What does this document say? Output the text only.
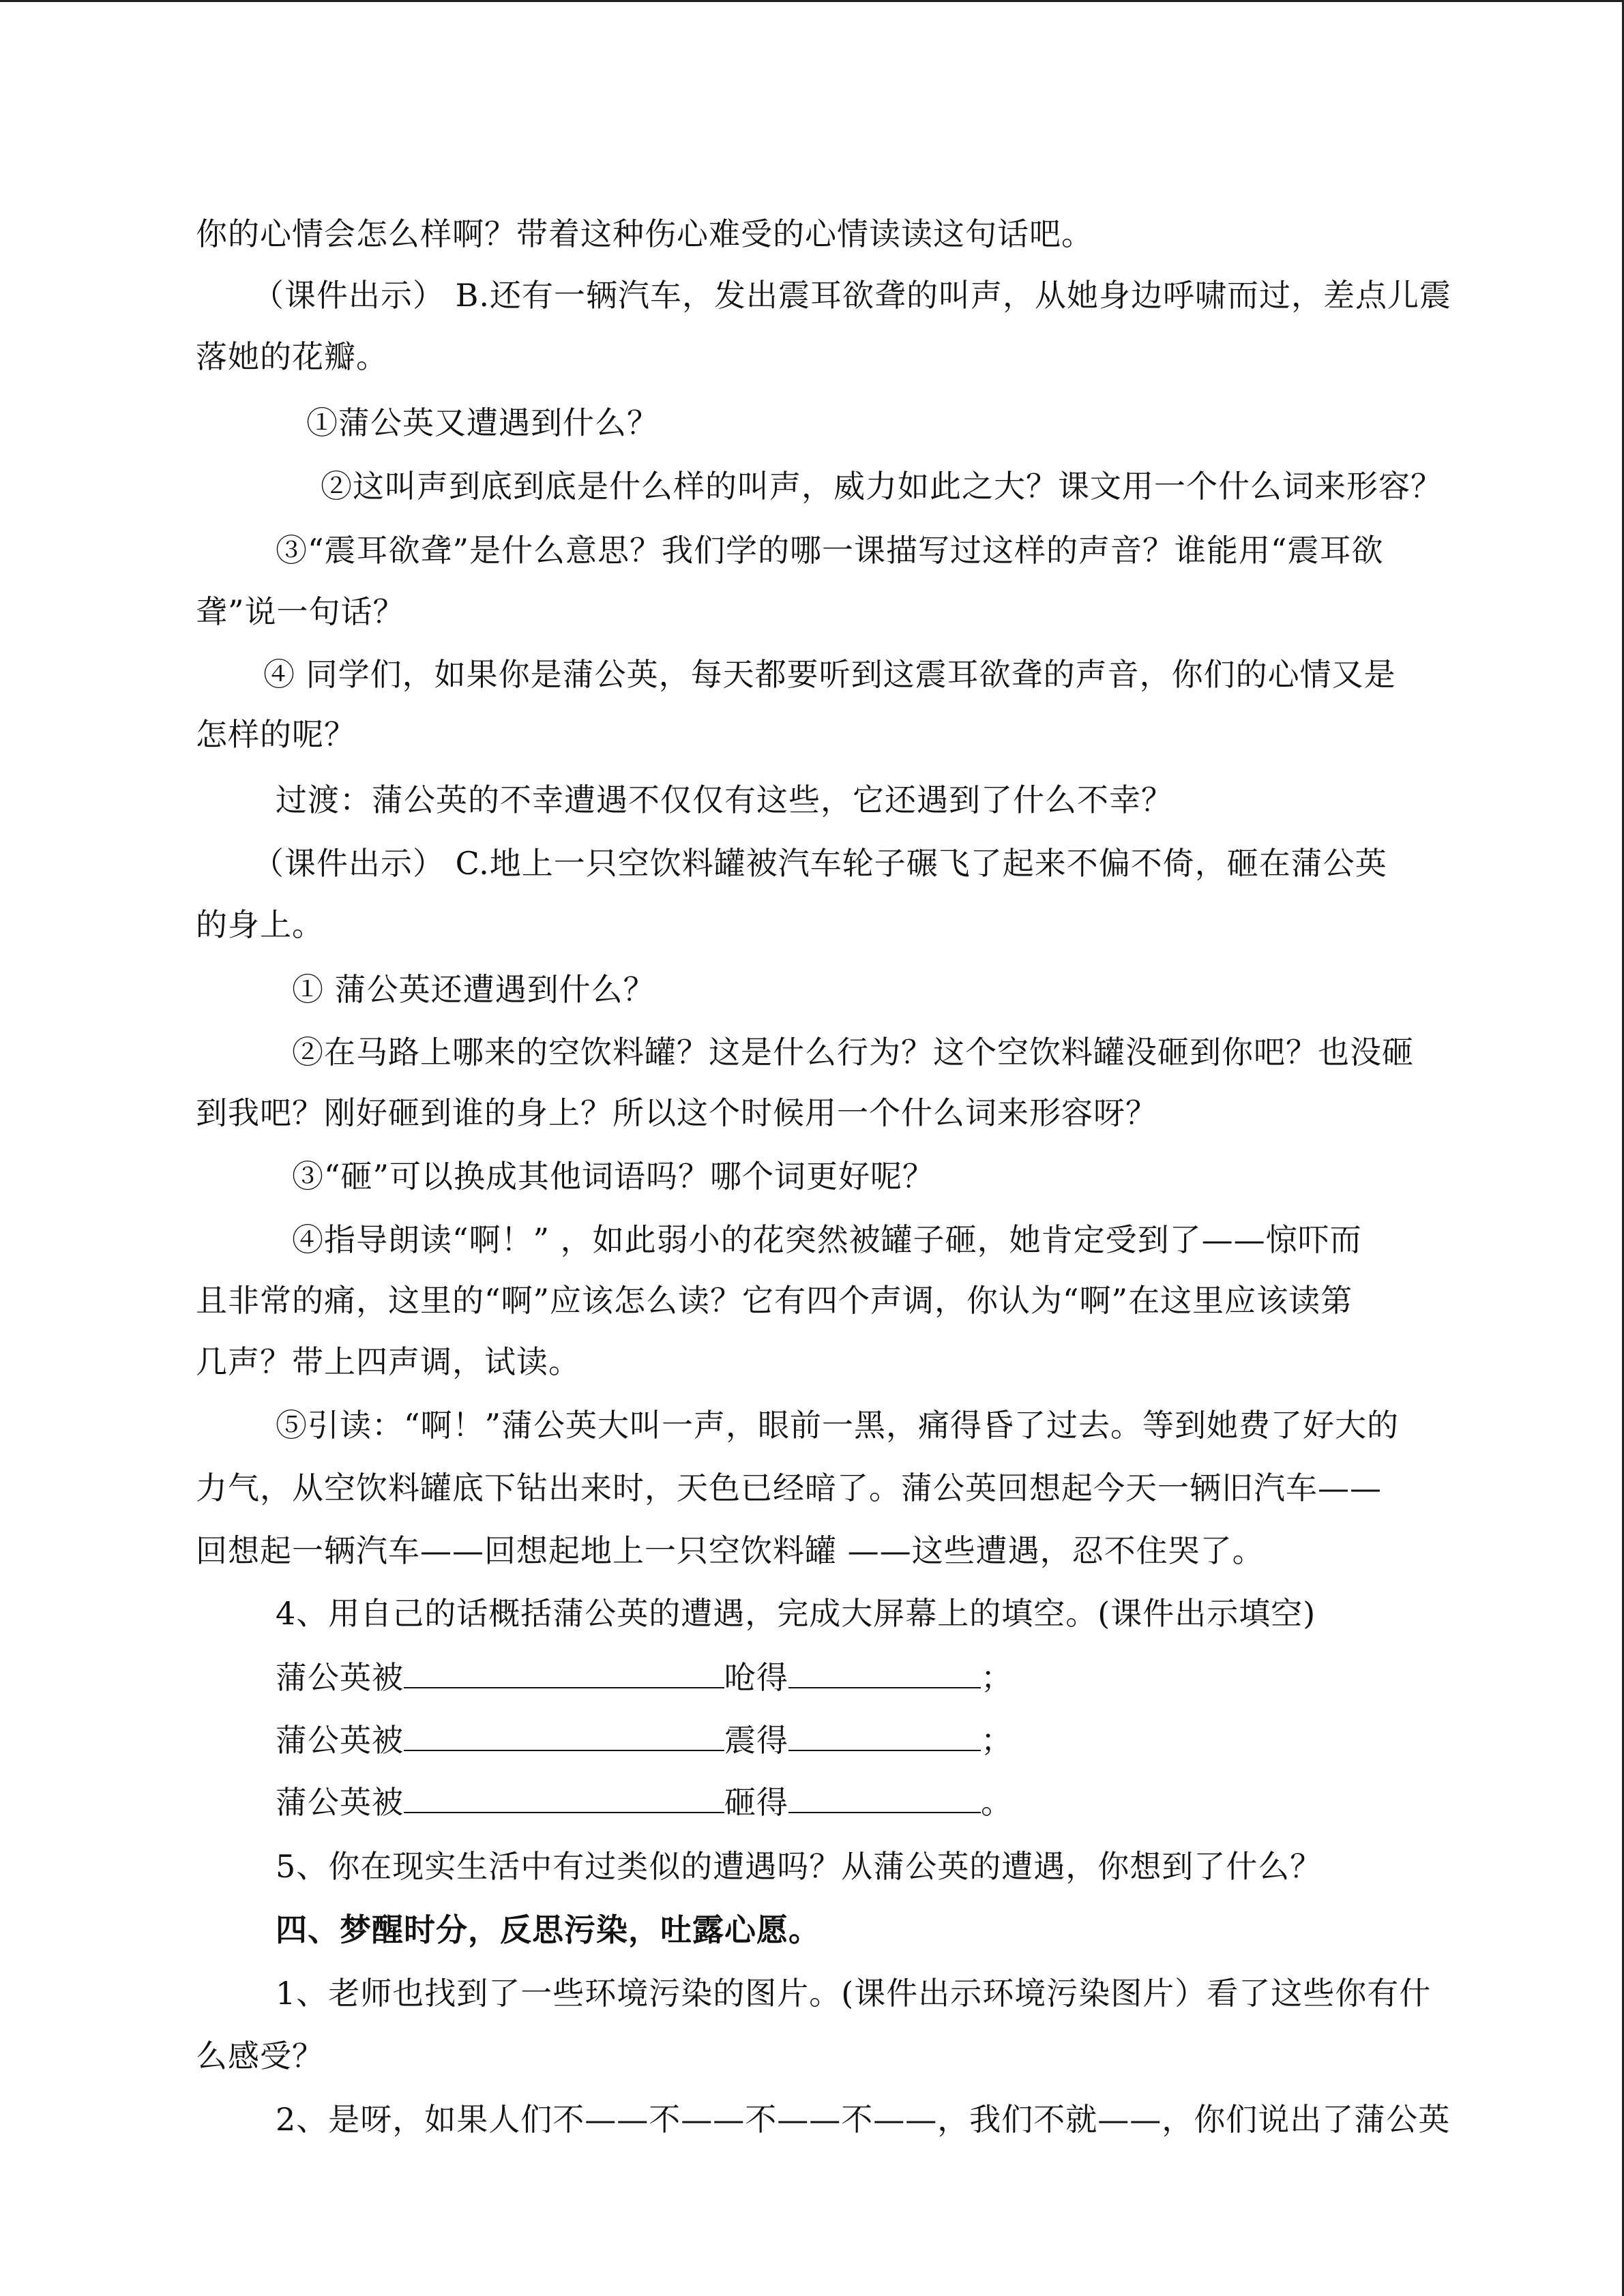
你的心情会怎么样啊？带着这种伤心难受的心情读读这句话吧。
（课件出示） B.还有一辆汽车，发出震耳欲聋的叫声，从她身边呼啸而过，差点儿震
落她的花瓣。
①蒲公英又遭遇到什么？
②这叫声到底到底是什么样的叫声，威力如此之大？课文用一个什么词来形容？
③“震耳欲聋”是什么意思？我们学的哪一课描写过这样的声音？谁能用“震耳欲
聋”说一句话？
④ 同学们，如果你是蒲公英，每天都要听到这震耳欲聋的声音，你们的心情又是
怎样的呢？
过渡：蒲公英的不幸遭遇不仅仅有这些，它还遇到了什么不幸？
（课件出示） C.地上一只空饮料罐被汽车轮子碾飞了起来不偏不倚，砸在蒲公英
的身上。
① 蒲公英还遭遇到什么？
②在马路上哪来的空饮料罐？这是什么行为？这个空饮料罐没砸到你吧？也没砸
到我吧？刚好砸到谁的身上？所以这个时候用一个什么词来形容呀？
③“砸”可以换成其他词语吗？哪个词更好呢？
④指导朗读“啊！” ，如此弱小的花突然被罐子砸，她肯定受到了——惊吓而
且非常的痛，这里的“啊”应该怎么读？它有四个声调，你认为“啊”在这里应该读第
几声？带上四声调，试读。
⑤引读：“啊！”蒲公英大叫一声，眼前一黑，痛得昏了过去。等到她费了好大的
力气，从空饮料罐底下钻出来时，天色已经暗了。蒲公英回想起今天一辆旧汽车——
回想起一辆汽车——回想起地上一只空饮料罐 ——这些遭遇，忍不住哭了。
4、用自己的话概括蒲公英的遭遇，完成大屏幕上的填空。(课件出示填空)
蒲公英被	呛得	；
蒲公英被	震得	；
蒲公英被	砸得	。
5、你在现实生活中有过类似的遭遇吗？从蒲公英的遭遇，你想到了什么？
四、梦醒时分，反思污染，吐露心愿。
1、老师也找到了一些环境污染的图片。(课件出示环境污染图片）看了这些你有什
么感受？
2、是呀，如果人们不——不——不——不——，我们不就——，你们说出了蒲公英
